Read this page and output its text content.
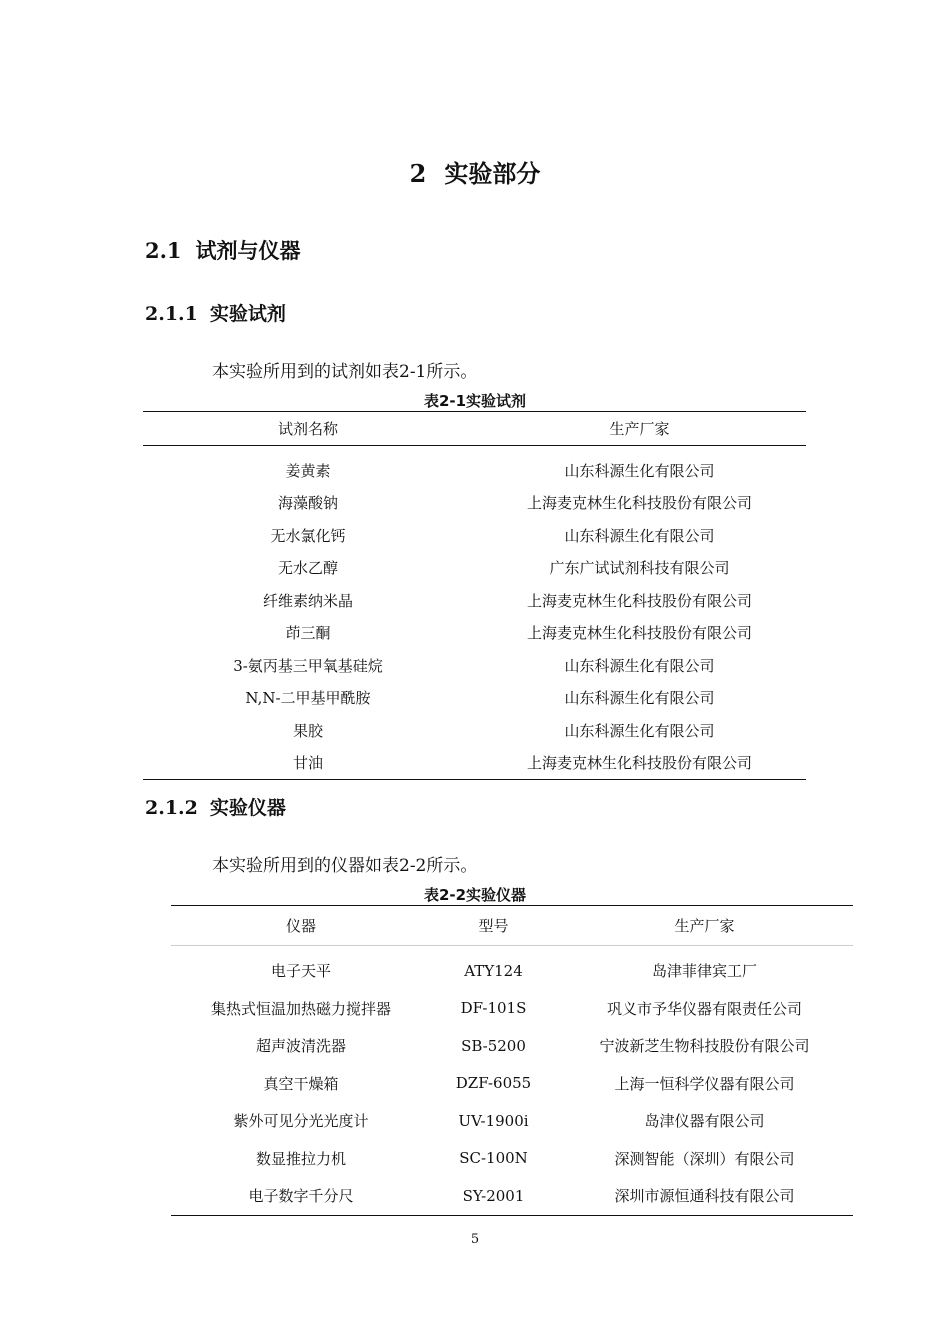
2 实验部分
2.1 试剂与仪器
2.1.1 实验试剂
本实验所用到的试剂如表2-1所示。
表2-1实验试剂
试剂名称	生产厂家
姜黄素	山东科源生化有限公司
海藻酸钠	上海麦克林生化科技股份有限公司
无水氯化钙	山东科源生化有限公司
无水乙醇	广东广试试剂科技有限公司
纤维素纳米晶	上海麦克林生化科技股份有限公司
茚三酮	上海麦克林生化科技股份有限公司
3-氨丙基三甲氧基硅烷	山东科源生化有限公司
N,N-二甲基甲酰胺	山东科源生化有限公司
果胶	山东科源生化有限公司
甘油	上海麦克林生化科技股份有限公司
2.1.2 实验仪器
本实验所用到的仪器如表2-2所示。
表2-2实验仪器
仪器	型号	生产厂家
电子天平	ATY124	岛津菲律宾工厂
集热式恒温加热磁力搅拌器	DF-101S	巩义市予华仪器有限责任公司
超声波清洗器	SB-5200	宁波新芝生物科技股份有限公司
真空干燥箱	DZF-6055	上海一恒科学仪器有限公司
紫外可见分光光度计	UV-1900i	岛津仪器有限公司
数显推拉力机	SC-100N	深测智能（深圳）有限公司
电子数字千分尺	SY-2001	深圳市源恒通科技有限公司
5
